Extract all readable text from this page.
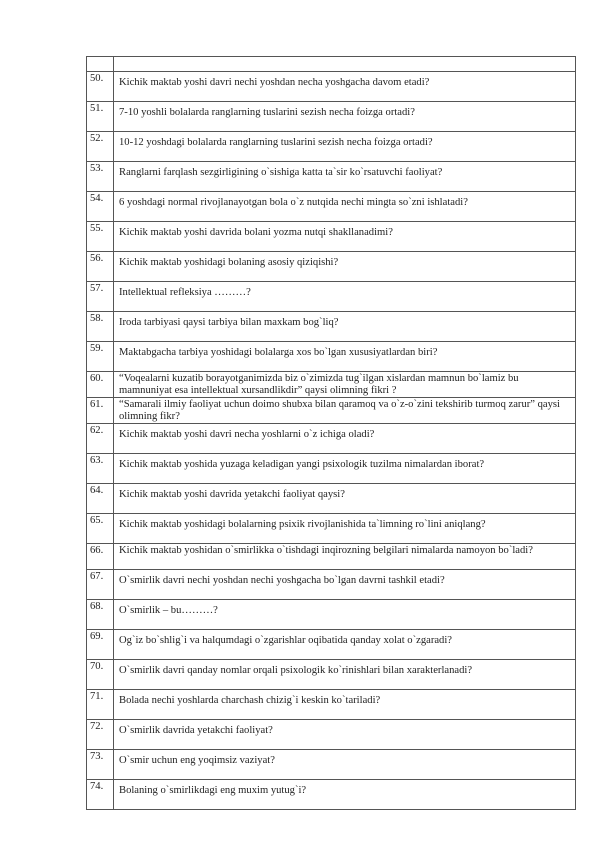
50.	Kichik maktab yoshi davri nechi yoshdan necha yoshgacha davom etadi?
51.	7-10 yoshli bolalarda ranglarning tuslarini sezish necha foizga ortadi?
52.	10-12 yoshdagi bolalarda ranglarning tuslarini sezish necha foizga ortadi?
53.	Ranglarni farqlash sezgirligining o`sishiga katta ta`sir ko`rsatuvchi faoliyat?
54.	6 yoshdagi normal rivojlanayotgan bola o`z nutqida nechi mingta so`zni ishlatadi?
55.	Kichik maktab yoshi davrida bolani yozma nutqi shakllanadimi?
56.	Kichik maktab yoshidagi bolaning asosiy qiziqishi?
57.	Intellektual refleksiya ………?
58.	Iroda tarbiyasi qaysi tarbiya bilan maxkam bog`liq?
59.	Maktabgacha tarbiya yoshidagi bolalarga xos bo`lgan xususiyatlardan biri?
60.	“Voqealarni kuzatib borayotganimizda biz o`zimizda tug`ilgan xislardan mamnun bo`lamiz bu mamnuniyat esa intellektual xursandlikdir” qaysi olimning fikri ?
61.	“Samarali ilmiy faoliyat uchun doimo shubxa bilan qaramoq va o`z-o`zini tekshirib turmoq zarur” qaysi olimning fikr?
62.	Kichik maktab yoshi davri necha yoshlarni o`z ichiga oladi?
63.	Kichik maktab yoshida yuzaga keladigan yangi psixologik tuzilma nimalardan iborat?
64.	Kichik maktab yoshi davrida yetakchi faoliyat qaysi?
65.	Kichik maktab yoshidagi bolalarning psixik rivojlanishida ta`limning ro`lini aniqlang?
66.	Kichik maktab yoshidan o`smirlikka o`tishdagi inqirozning belgilari nimalarda namoyon bo`ladi?
67.	O`smirlik davri nechi yoshdan nechi yoshgacha bo`lgan davrni tashkil etadi?
68.	O`smirlik – bu………?
69.	Og`iz bo`shlig`i va halqumdagi o`zgarishlar oqibatida qanday xolat o`zgaradi?
70.	O`smirlik davri qanday nomlar orqali psixologik ko`rinishlari bilan xarakterlanadi?
71.	Bolada nechi yoshlarda charchash chizig`i keskin ko`tariladi?
72.	O`smirlik davrida yetakchi faoliyat?
73.	O`smir uchun eng yoqimsiz vaziyat?
74.	Bolaning o`smirlikdagi eng muxim yutug`i?
